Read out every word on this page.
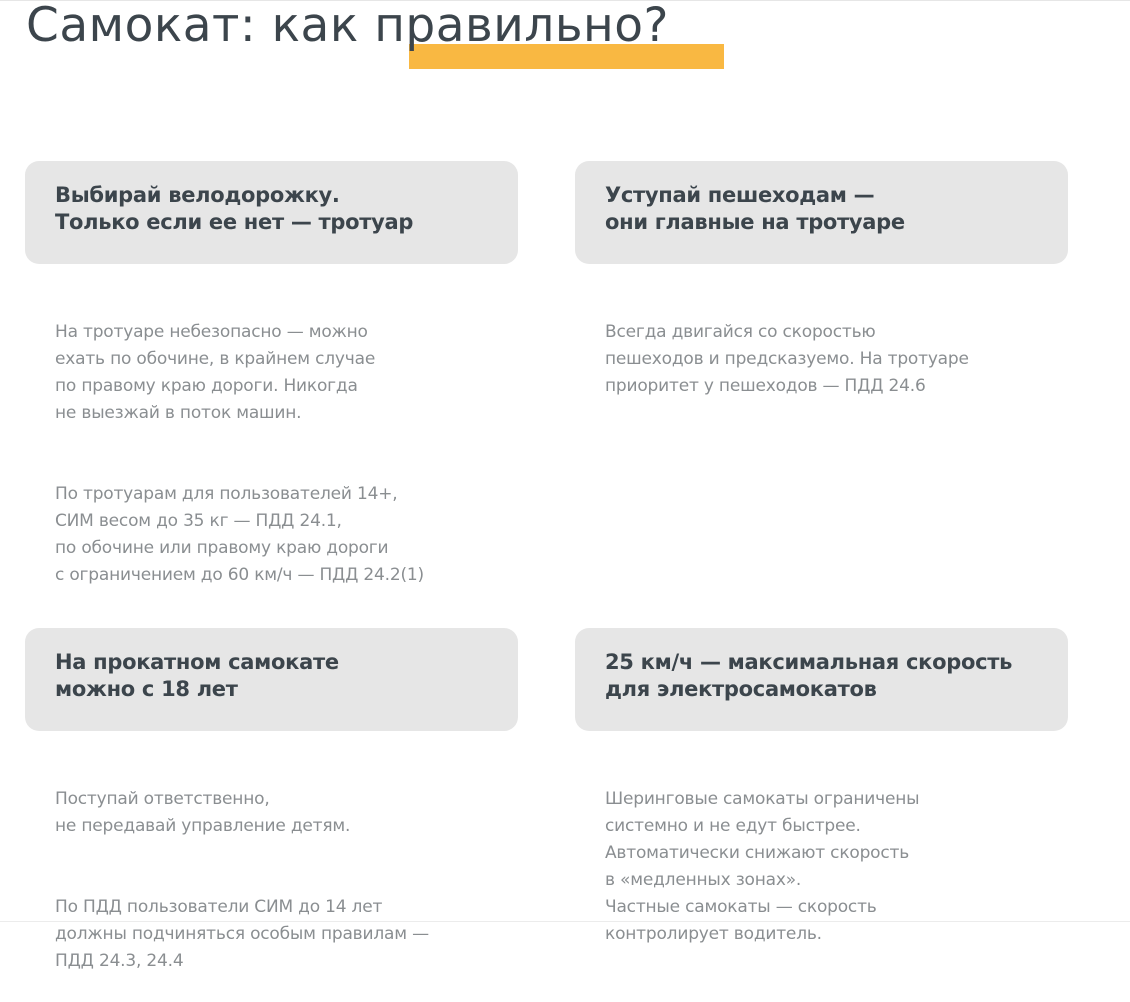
Самокат: как правильно?
Выбирай велодорожку.
Только если ее нет — тротуар

На тротуаре небезопасно — можно
ехать по обочине, в крайнем случае
по правому краю дороги. Никогда
не выезжай в поток машин.

По тротуарам для пользователей 14+,
СИМ весом до 35 кг — ПДД 24.1,
по обочине или правому краю дороги
с ограничением до 60 км/ч — ПДД 24.2(1)

Уступай пешеходам —
они главные на тротуаре

Всегда двигайся со скоростью
пешеходов и предсказуемо. На тротуаре
приоритет у пешеходов — ПДД 24.6

На прокатном самокате
можно с 18 лет

Поступай ответственно,
не передавай управление детям.

По ПДД пользователи СИМ до 14 лет
должны подчиняться особым правилам —
ПДД 24.3, 24.4

25 км/ч — максимальная скорость
для электросамокатов

Шеринговые самокаты ограничены
системно и не едут быстрее.
Автоматически снижают скорость
в «медленных зонах».
Частные самокаты — скорость
контролирует водитель.
